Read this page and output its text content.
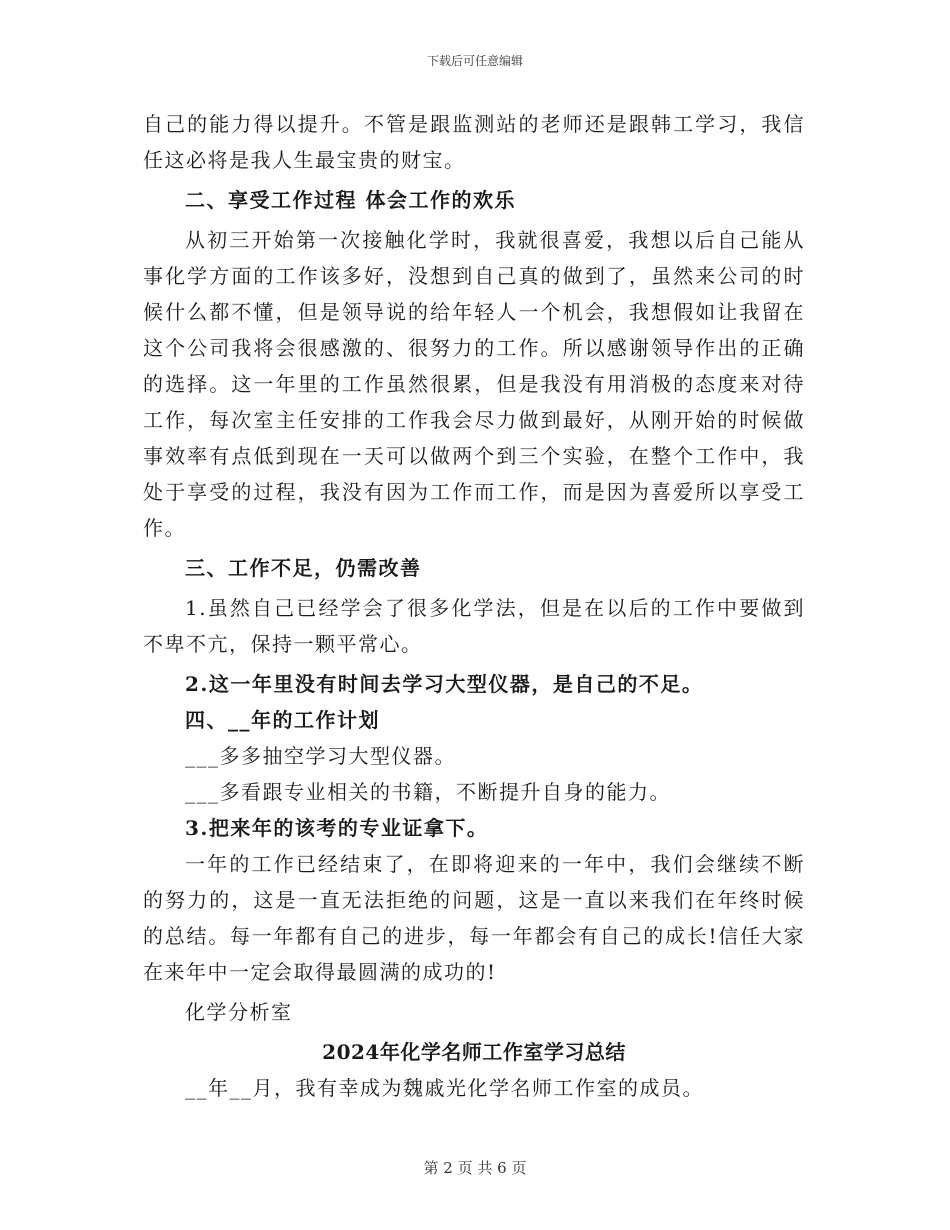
下载后可任意编辑

自己的能力得以提升。不管是跟监测站的老师还是跟韩工学习，我信任这必将是我人生最宝贵的财宝。

二、享受工作过程 体会工作的欢乐

从初三开始第一次接触化学时，我就很喜爱，我想以后自己能从事化学方面的工作该多好，没想到自己真的做到了，虽然来公司的时候什么都不懂，但是领导说的给年轻人一个机会，我想假如让我留在这个公司我将会很感激的、很努力的工作。所以感谢领导作出的正确的选择。这一年里的工作虽然很累，但是我没有用消极的态度来对待工作，每次室主任安排的工作我会尽力做到最好，从刚开始的时候做事效率有点低到现在一天可以做两个到三个实验，在整个工作中，我处于享受的过程，我没有因为工作而工作，而是因为喜爱所以享受工作。

三、工作不足，仍需改善

1.虽然自己已经学会了很多化学法，但是在以后的工作中要做到不卑不亢，保持一颗平常心。

2.这一年里没有时间去学习大型仪器，是自己的不足。

四、__年的工作计划

___多多抽空学习大型仪器。

___多看跟专业相关的书籍，不断提升自身的能力。

3.把来年的该考的专业证拿下。

一年的工作已经结束了，在即将迎来的一年中，我们会继续不断的努力的，这是一直无法拒绝的问题，这是一直以来我们在年终时候的总结。每一年都有自己的进步，每一年都会有自己的成长!信任大家在来年中一定会取得最圆满的成功的!

化学分析室

2024年化学名师工作室学习总结

__年__月，我有幸成为魏戚光化学名师工作室的成员。

第 2 页 共 6 页
